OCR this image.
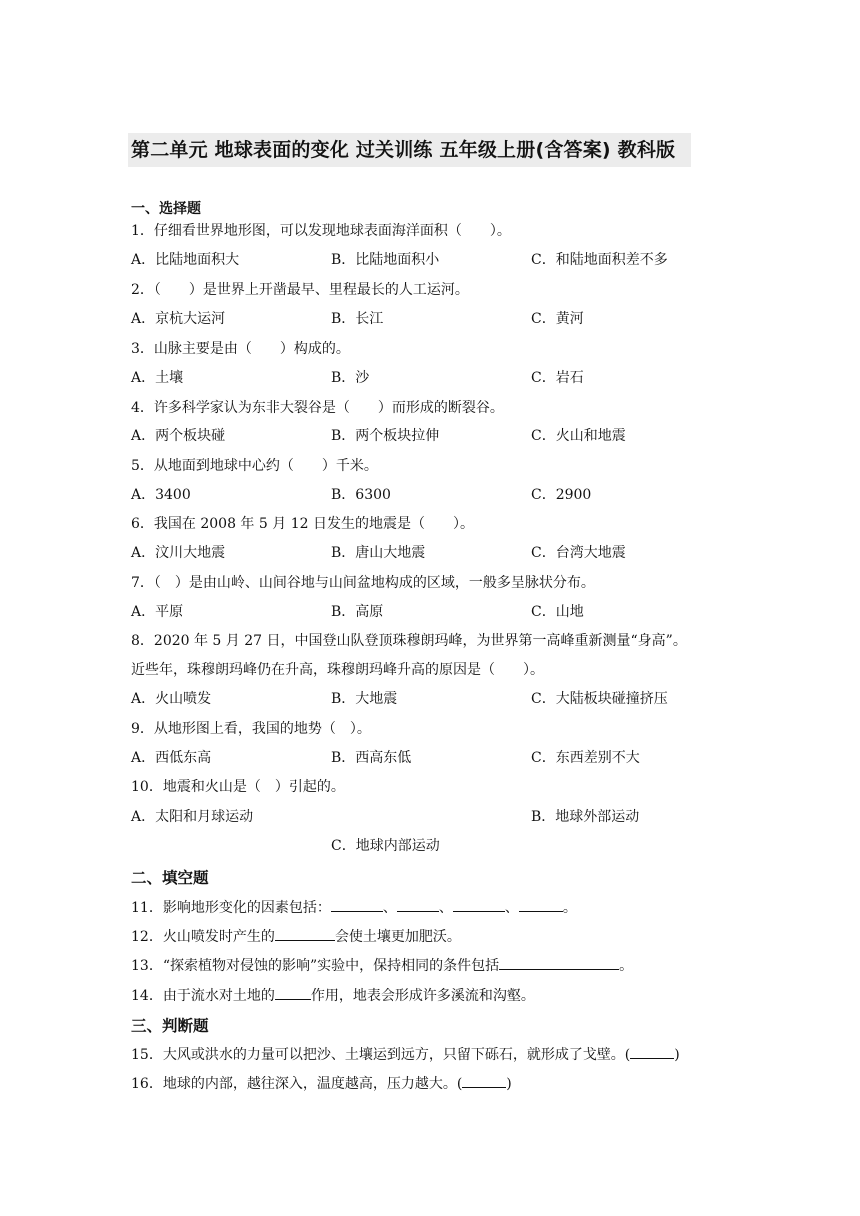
第二单元 地球表面的变化 过关训练 五年级上册(含答案) 教科版
一、选择题
1．仔细看世界地形图，可以发现地球表面海洋面积（　　）。
A．比陆地面积大	B．比陆地面积小	C．和陆地面积差不多
2．（　　）是世界上开凿最早、里程最长的人工运河。
A．京杭大运河	B．长江	C．黄河
3．山脉主要是由（　　）构成的。
A．土壤	B．沙	C．岩石
4．许多科学家认为东非大裂谷是（　　）而形成的断裂谷。
A．两个板块碰	B．两个板块拉伸	C．火山和地震
5．从地面到地球中心约（　　）千米。
A．3400	B．6300	C．2900
6．我国在 2008 年 5 月 12 日发生的地震是（　　）。
A．汶川大地震	B．唐山大地震	C．台湾大地震
7．（　）是由山岭、山间谷地与山间盆地构成的区域，一般多呈脉状分布。
A．平原	B．高原	C．山地
8．2020 年 5 月 27 日，中国登山队登顶珠穆朗玛峰，为世界第一高峰重新测量“身高”。
近些年，珠穆朗玛峰仍在升高，珠穆朗玛峰升高的原因是（　　）。
A．火山喷发	B．大地震	C．大陆板块碰撞挤压
9．从地形图上看，我国的地势（　）。
A．西低东高	B．西高东低	C．东西差别不大
10．地震和火山是（　）引起的。
A．太阳和月球运动	B．地球外部运动
C．地球内部运动
二、填空题
11．影响地形变化的因素包括：	、	、	、	。
12．火山喷发时产生的	会使土壤更加肥沃。
13．“探索植物对侵蚀的影响”实验中，保持相同的条件包括	。
14．由于流水对土地的	作用，地表会形成许多溪流和沟壑。
三、判断题
15．大风或洪水的力量可以把沙、土壤运到远方，只留下砾石，就形成了戈壁。(	)
16．地球的内部，越往深入，温度越高，压力越大。(	)
